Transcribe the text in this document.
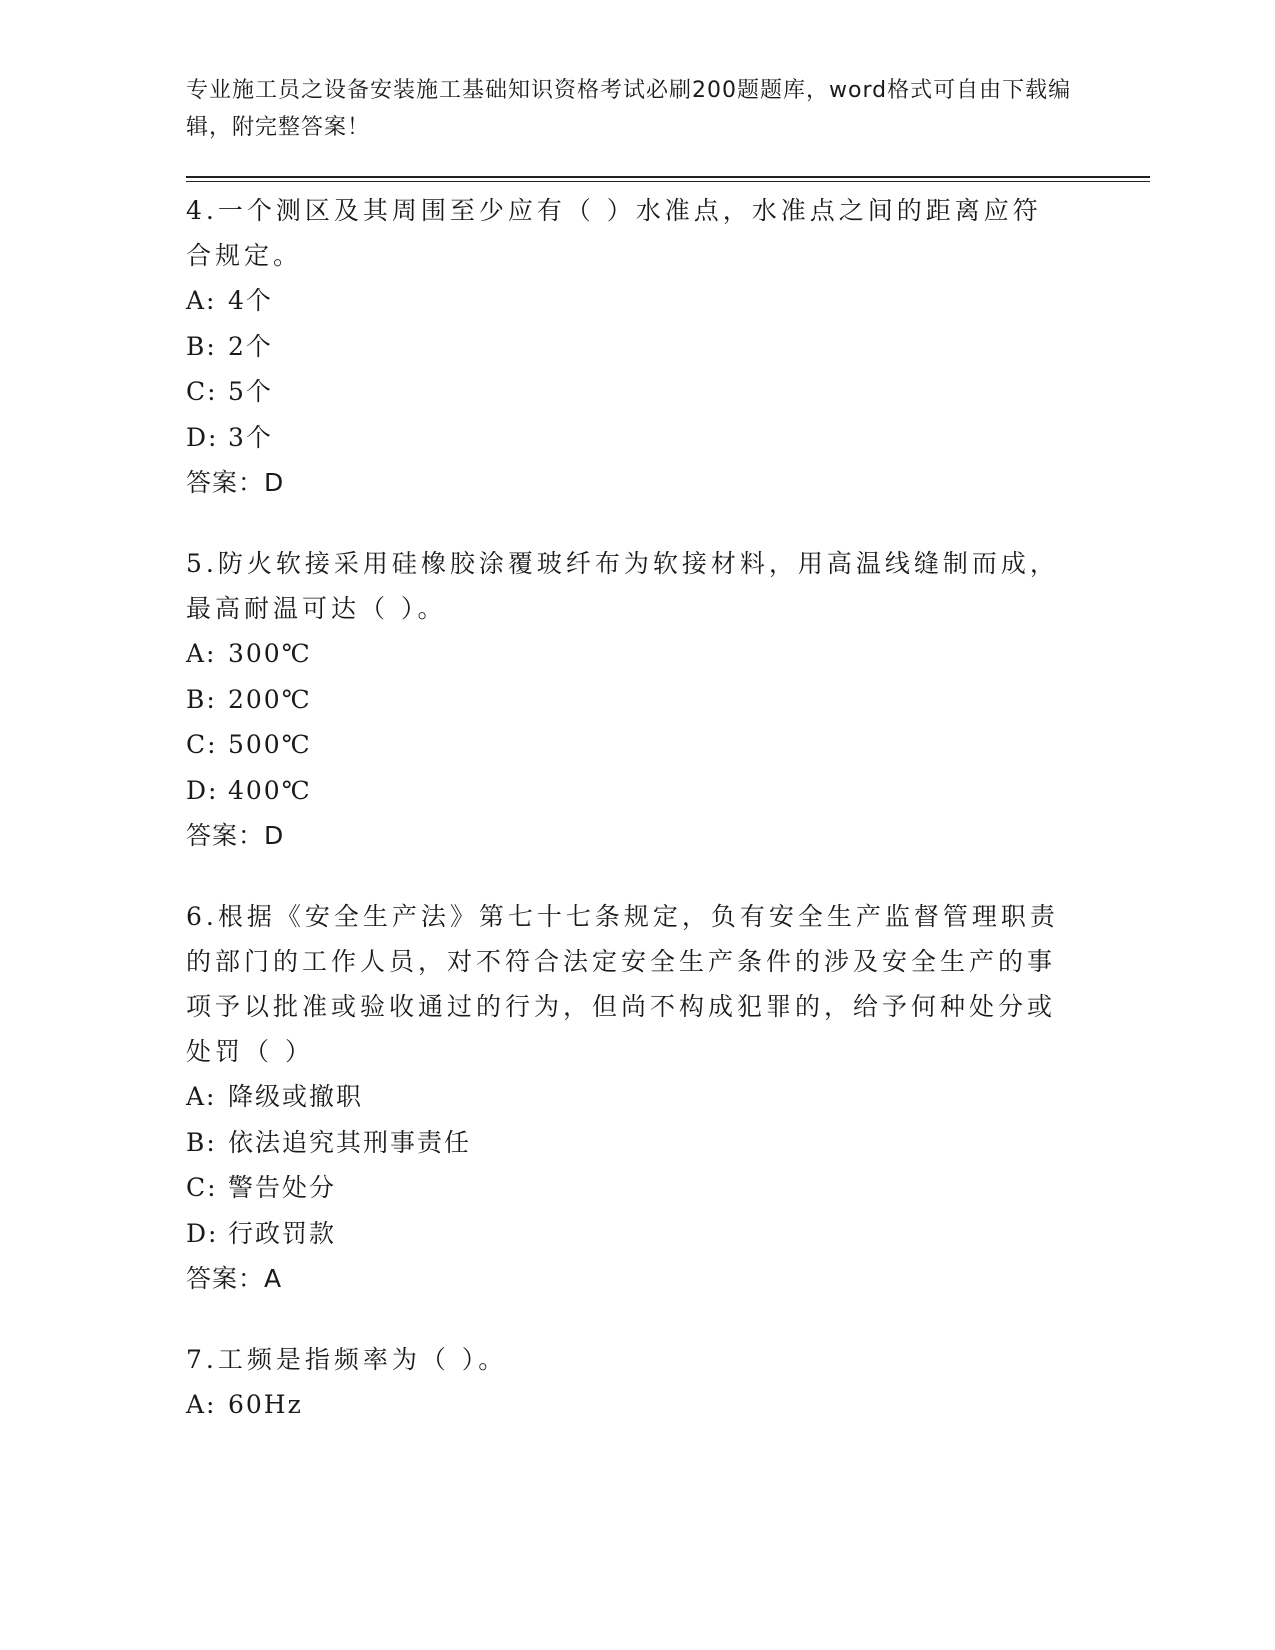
专业施工员之设备安装施工基础知识资格考试必刷200题题库，word格式可自由下载编辑，附完整答案！
4.一个测区及其周围至少应有（ ）水准点，水准点之间的距离应符合规定。
A: 4个
B: 2个
C: 5个
D: 3个
答案：D
5.防火软接采用硅橡胶涂覆玻纤布为软接材料，用高温线缝制而成，最高耐温可达（ ）。
A: 300℃
B: 200℃
C: 500℃
D: 400℃
答案：D
6.根据《安全生产法》第七十七条规定，负有安全生产监督管理职责的部门的工作人员，对不符合法定安全生产条件的涉及安全生产的事项予以批准或验收通过的行为，但尚不构成犯罪的，给予何种处分或处罚（ ）
A: 降级或撤职
B: 依法追究其刑事责任
C: 警告处分
D: 行政罚款
答案：A
7.工频是指频率为（ ）。
A: 60Hz
